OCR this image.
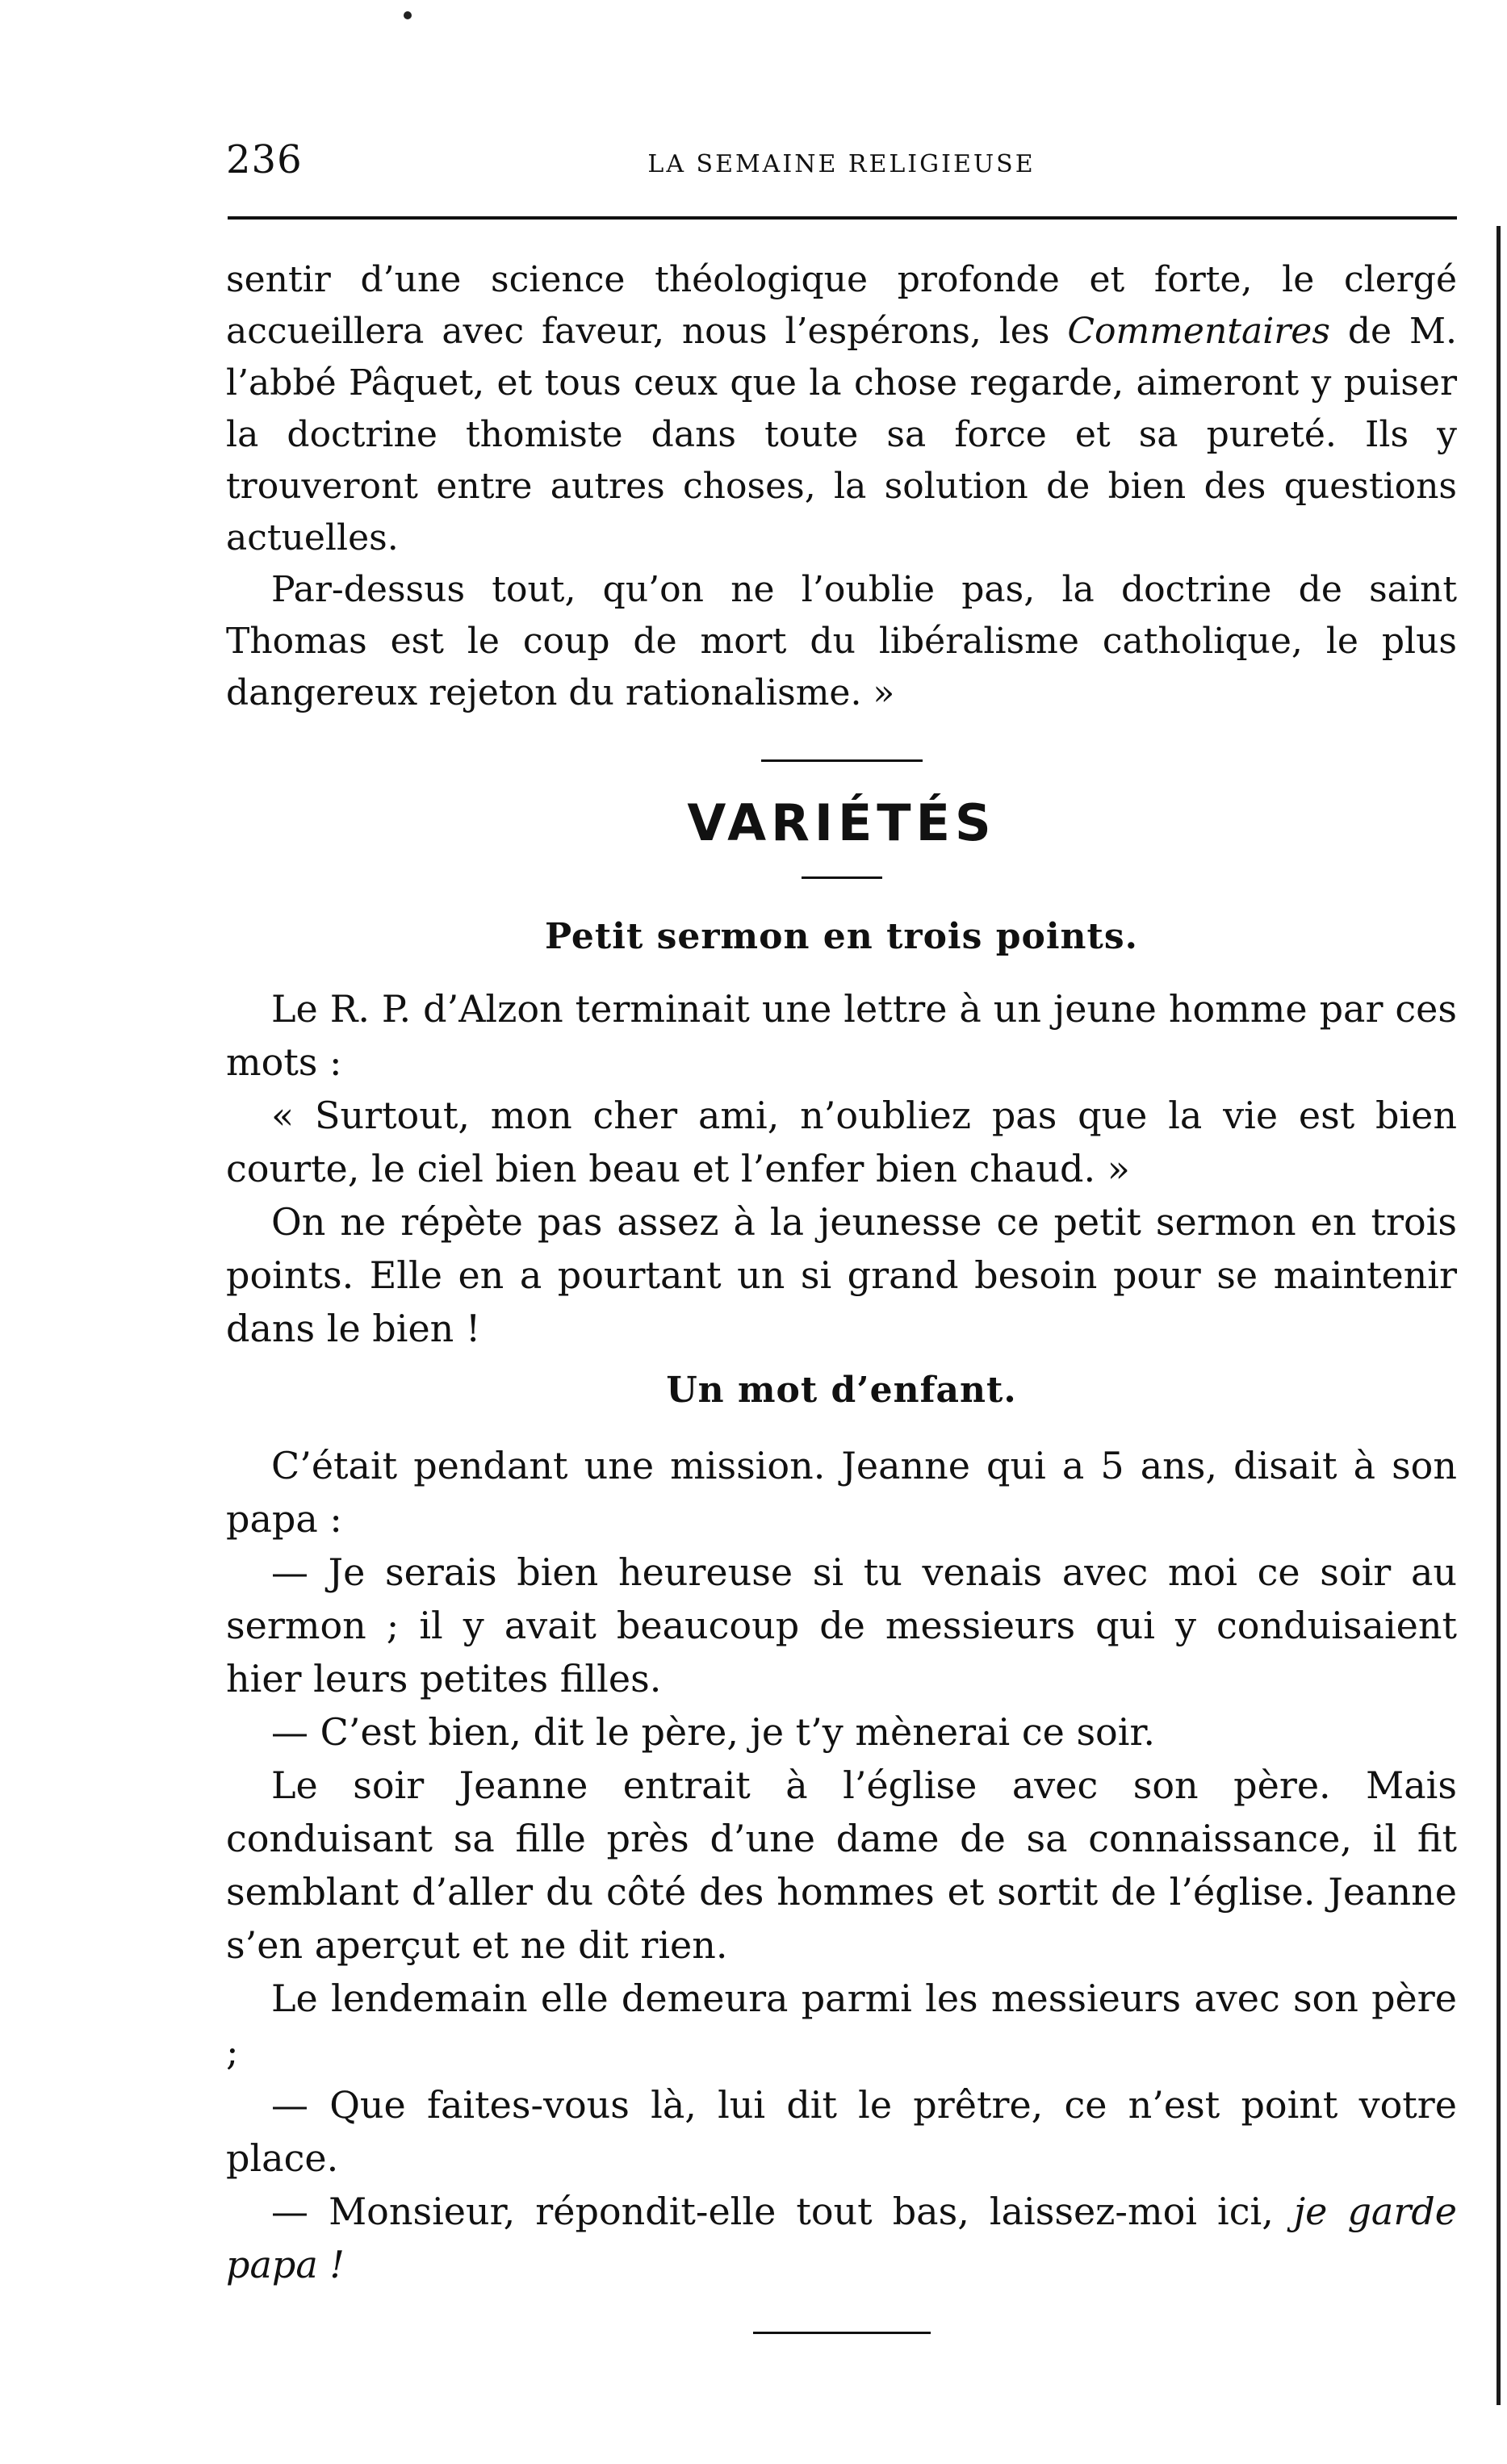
236	LA SEMAINE RELIGIEUSE

sentir d’une science théologique profonde et forte, le clergé accueillera avec faveur, nous l’espérons, les Commentaires de M. l’abbé Pâquet, et tous ceux que la chose regarde, aimeront y puiser la doctrine thomiste dans toute sa force et sa pureté. Ils y trouveront entre autres choses, la solution de bien des questions actuelles.

Par-dessus tout, qu’on ne l’oublie pas, la doctrine de saint Thomas est le coup de mort du libéralisme catholique, le plus dangereux rejeton du rationalisme. »

VARIÉTÉS
Petit sermon en trois points.

Le R. P. d’Alzon terminait une lettre à un jeune homme par ces mots :

« Surtout, mon cher ami, n’oubliez pas que la vie est bien courte, le ciel bien beau et l’enfer bien chaud. »

On ne répète pas assez à la jeunesse ce petit sermon en trois points. Elle en a pourtant un si grand besoin pour se maintenir dans le bien !

Un mot d’enfant.

C’était pendant une mission. Jeanne qui a 5 ans, disait à son papa :

— Je serais bien heureuse si tu venais avec moi ce soir au sermon ; il y avait beaucoup de messieurs qui y conduisaient hier leurs petites filles.

— C’est bien, dit le père, je t’y mènerai ce soir.

Le soir Jeanne entrait à l’église avec son père. Mais conduisant sa fille près d’une dame de sa connaissance, il fit semblant d’aller du côté des hommes et sortit de l’église. Jeanne s’en aperçut et ne dit rien.

Le lendemain elle demeura parmi les messieurs avec son père ;

— Que faites-vous là, lui dit le prêtre, ce n’est point votre place.

— Monsieur, répondit-elle tout bas, laissez-moi ici, je garde papa !
